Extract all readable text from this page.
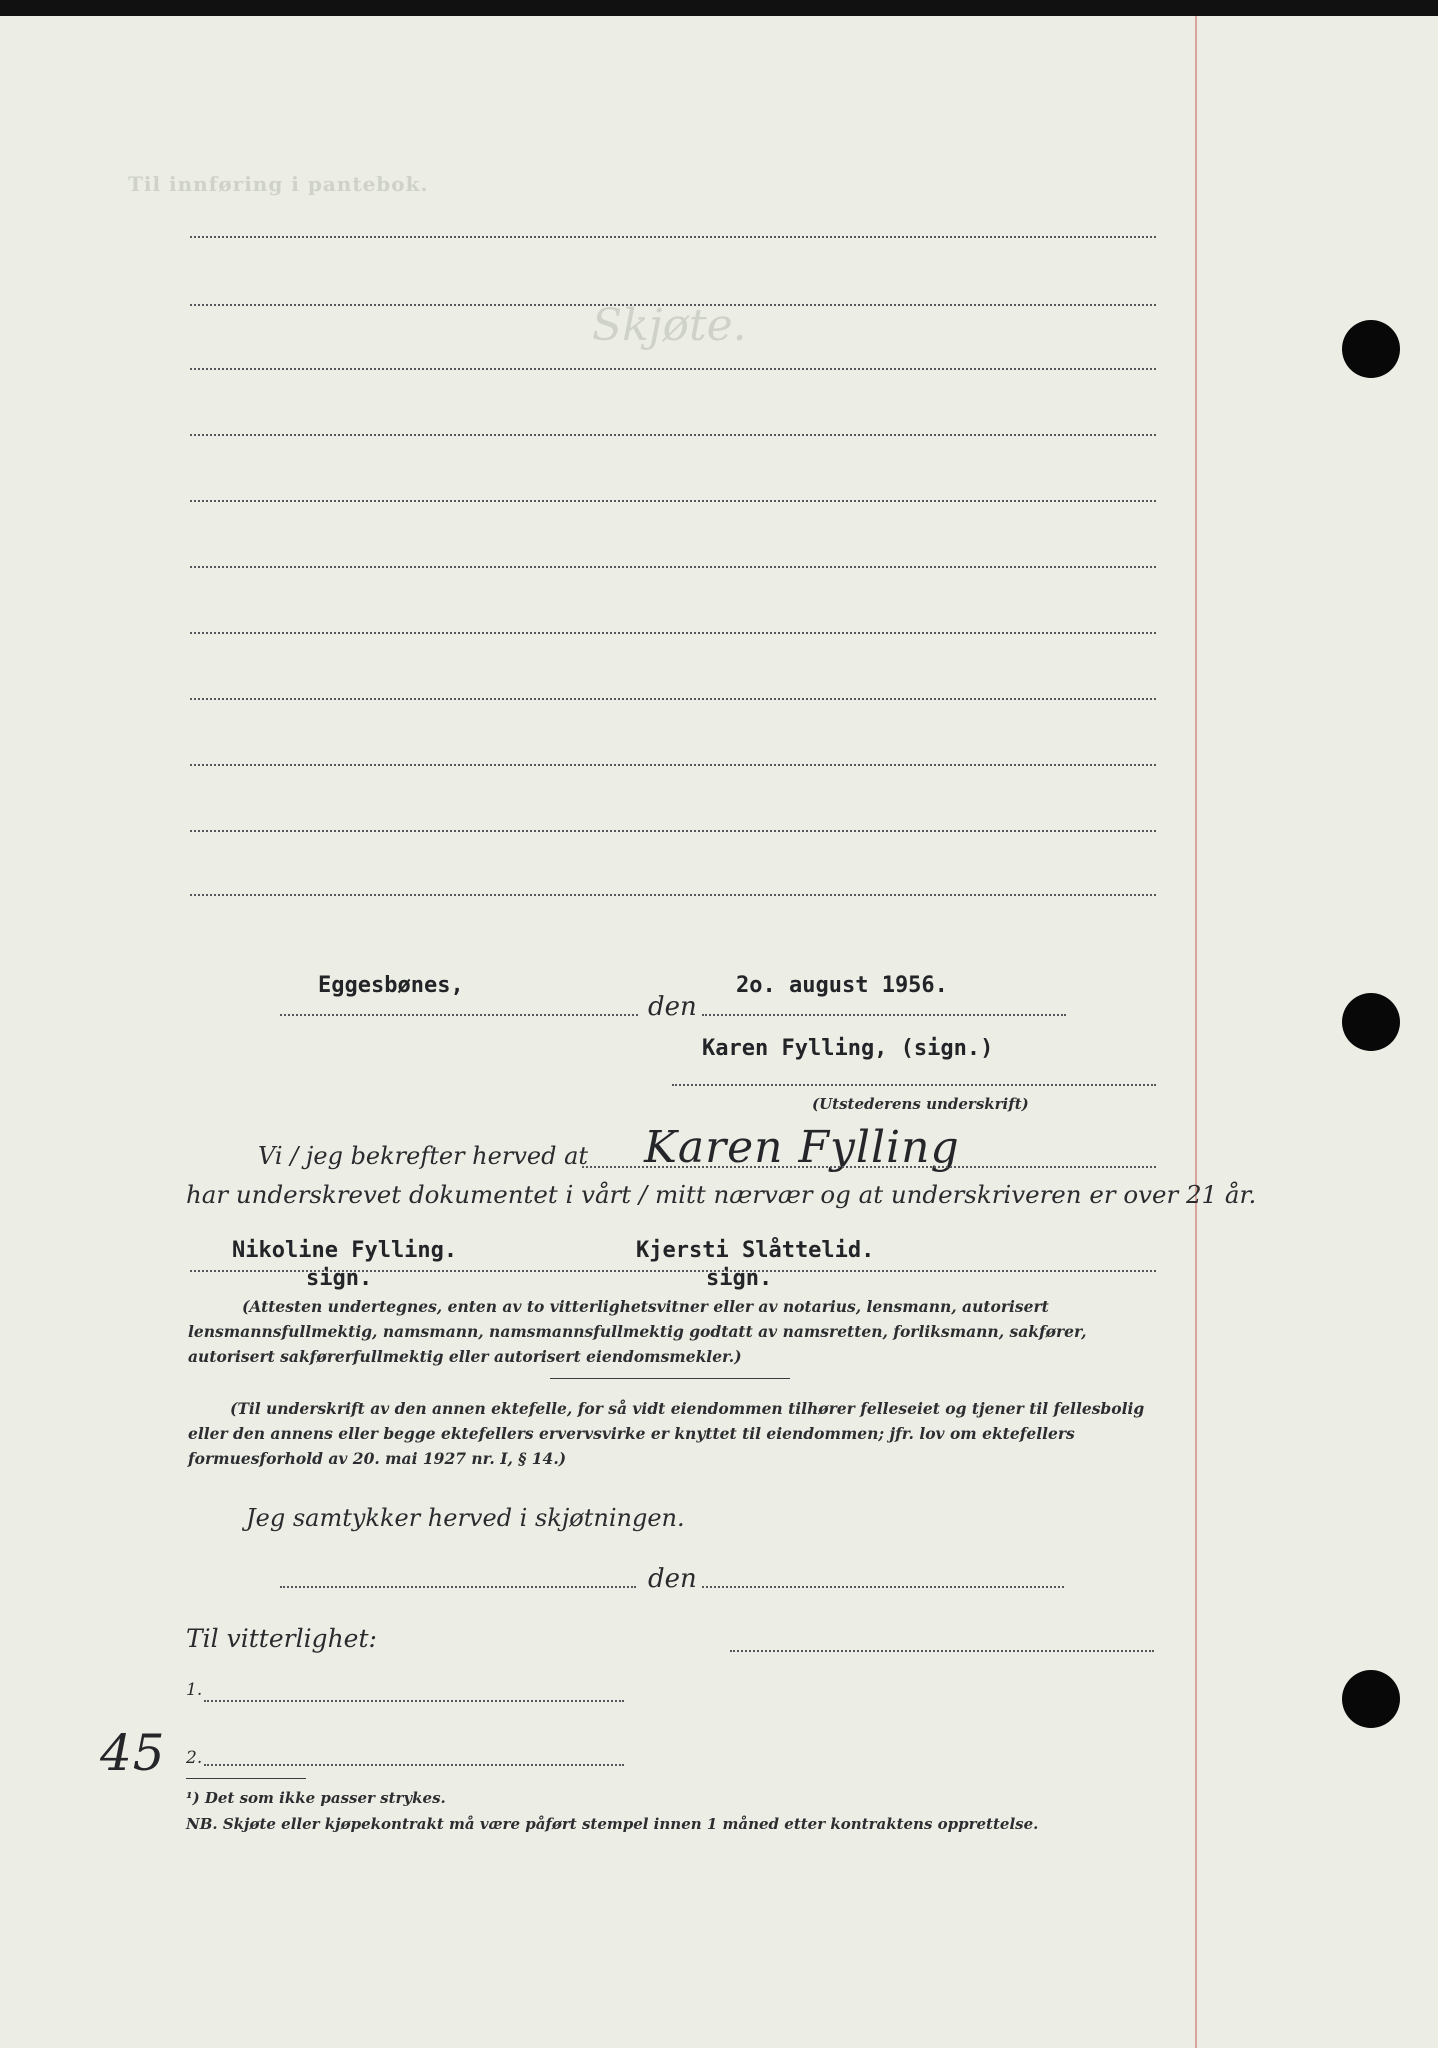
Til innføring i pantebok.
Skjøte.
Eggesbønes,
den
2o. august 1956.
Karen Fylling, (sign.)
(Utstederens underskrift)
Vi / jeg bekrefter herved at Karen Fylling
har underskrevet dokumentet i vårt / mitt nærvær og at underskriveren er over 21 år.
Nikoline Fylling.	Kjersti Slåttelid.
sign.	sign.
(Attesten undertegnes, enten av to vitterlighetsvitner eller av notarius, lensmann, autorisert lensmannsfullmektig, namsmann, namsmannsfullmektig godtatt av namsretten, forliksmann, sakfører, autorisert sakførerfullmektig eller autorisert eiendomsmekler.)
(Til underskrift av den annen ektefelle, for så vidt eiendommen tilhører felleseiet og tjener til fellesbolig eller den annens eller begge ektefellers ervervsvirke er knyttet til eiendommen; jfr. lov om ektefellers formuesforhold av 20. mai 1927 nr. I, § 14.)
Jeg samtykker herved i skjøtningen.
den
Til vitterlighet:
1.
2.
45
¹) Det som ikke passer strykes.
NB. Skjøte eller kjøpekontrakt må være påført stempel innen 1 måned etter kontraktens opprettelse.
